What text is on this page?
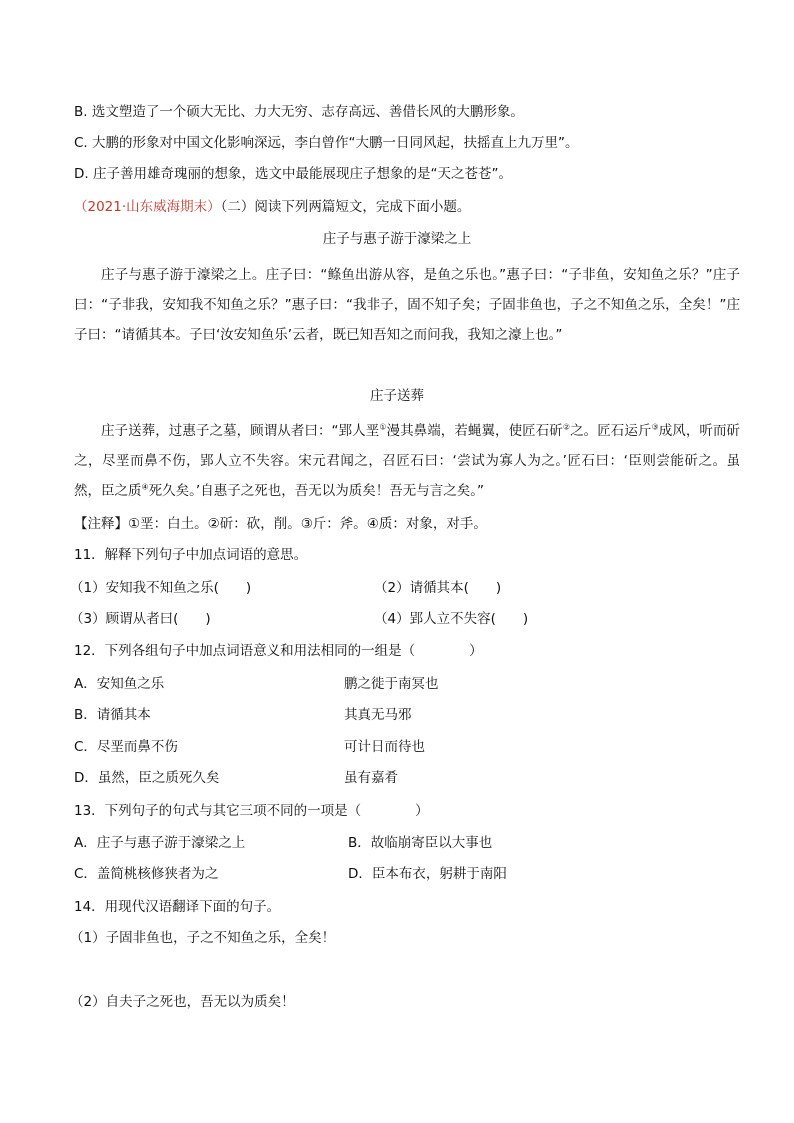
B. 选文塑造了一个硕大无比、力大无穷、志存高远、善借长风的大鹏形象。
C. 大鹏的形象对中国文化影响深远，李白曾作“大鹏一日同风起，扶摇直上九万里”。
D. 庄子善用雄奇瑰丽的想象，选文中最能展现庄子想象的是“天之苍苍”。
（2021·山东威海期末）（二）阅读下列两篇短文，完成下面小题。
庄子与惠子游于濠梁之上
庄子与惠子游于濠梁之上。庄子曰：“鲦鱼出游从容，是鱼之乐也。”惠子曰：“子非鱼，安知鱼之乐？”庄子曰：“子非我，安知我不知鱼之乐？”惠子曰：“我非子，固不知子矣；子固非鱼也，子之不知鱼之乐，全矣！”庄子曰：“请循其本。子曰‘汝安知鱼乐’云者，既已知吾知之而问我，我知之濠上也。”
庄子送葬
庄子送葬，过惠子之墓，顾谓从者曰：“郢人垩①漫其鼻端，若蝇翼，使匠石斫②之。匠石运斤③成风，听而斫之，尽垩而鼻不伤，郢人立不失容。宋元君闻之，召匠石曰：‘尝试为寡人为之。’匠石曰：‘臣则尝能斫之。虽然，臣之质④死久矣。’自惠子之死也，吾无以为质矣！吾无与言之矣。”
【注释】①垩：白土。②斫：砍，削。③斤：斧。④质：对象，对手。
11．解释下列句子中加点词语的意思。
（1）安知我不知鱼之乐(　　)	（2）请循其本(　　)
（3）顾谓从者曰(　　)	（4）郢人立不失容(　　)
12．下列各组句子中加点词语意义和用法相同的一组是（　　　　）
A．安知鱼之乐	鹏之徙于南冥也
B．请循其本	其真无马邪
C．尽垩而鼻不伤	可计日而待也
D．虽然，臣之质死久矣	虽有嘉肴
13．下列句子的句式与其它三项不同的一项是（　　　　）
A．庄子与惠子游于濠梁之上	B．故临崩寄臣以大事也
C．盖简桃核修狭者为之	D．臣本布衣，躬耕于南阳
14．用现代汉语翻译下面的句子。
（1）子固非鱼也，子之不知鱼之乐，全矣！
（2）自夫子之死也，吾无以为质矣！
